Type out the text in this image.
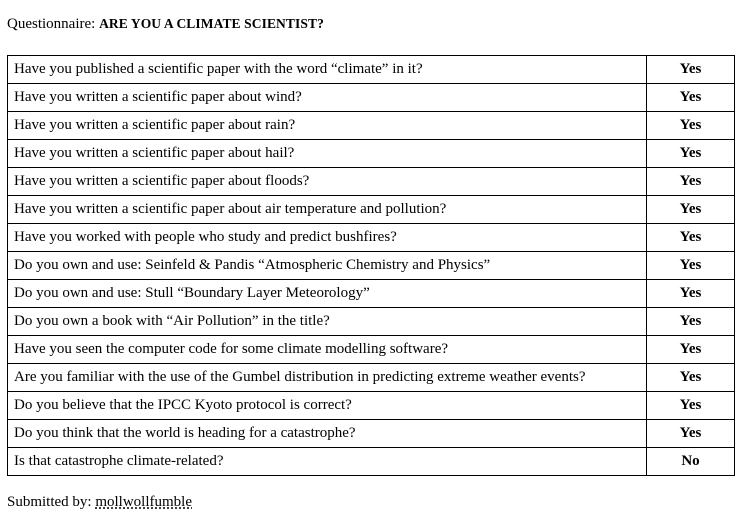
Questionnaire: ARE YOU A CLIMATE SCIENTIST?
Have you published a scientific paper with the word “climate” in it?	Yes
Have you written a scientific paper about wind?	Yes
Have you written a scientific paper about rain?	Yes
Have you written a scientific paper about hail?	Yes
Have you written a scientific paper about floods?	Yes
Have you written a scientific paper about air temperature and pollution?	Yes
Have you worked with people who study and predict bushfires?	Yes
Do you own and use: Seinfeld & Pandis “Atmospheric Chemistry and Physics”	Yes
Do you own and use: Stull “Boundary Layer Meteorology”	Yes
Do you own a book with “Air Pollution” in the title?	Yes
Have you seen the computer code for some climate modelling software?	Yes
Are you familiar with the use of the Gumbel distribution in predicting extreme weather events?	Yes
Do you believe that the IPCC Kyoto protocol is correct?	Yes
Do you think that the world is heading for a catastrophe?	Yes
Is that catastrophe climate-related?	No
Submitted by: mollwollfumble
